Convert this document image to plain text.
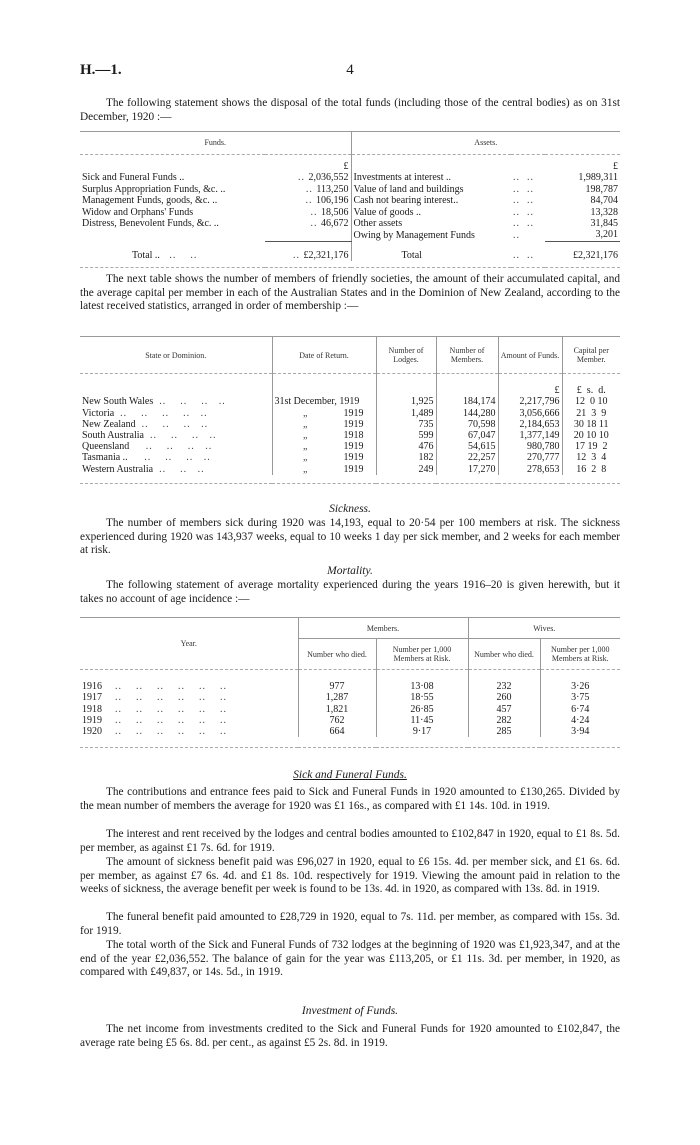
H.—1.	4

The following statement shows the disposal of the total funds (including those of the central bodies) as on 31st December, 1920 :—

Funds.		Assets.		

	£			£
Sick and Funeral Funds ..	.. 2,036,552	Investments at interest ..	..  ..	1,989,311
Surplus Appropriation Funds, &c. ..	.. 113,250	Value of land and buildings	..  ..	198,787
Management Funds, goods, &c. ..	.. 106,196	Cash not bearing interest..	..  ..	84,704
Widow and Orphans' Funds	.. 18,506	Value of goods ..	..  ..	13,328
Distress, Benevolent Funds, &c. ..	.. 46,672	Other assets	..  ..	31,845
		Owing by Management Funds	..	3,201

Total ..   ..    ..	.. £2,321,176	Total	..  ..	£2,321,176

The next table shows the number of members of friendly societies, the amount of their accumulated capital, and the average capital per member in each of the Australian States and in the Dominion of New Zealand, according to the latest received statistics, arranged in order of membership :—

State or Dominion.	Date of Return.	Number of Lodges.	Number of Members.	Amount of Funds.	Capital per Member.

				£	£  s.  d.
New South Wales  ..    ..    ..   ..	31st December, 1919	1,925	184,174	2,217,796	12  0 10
Victoria  ..    ..    ..    ..   ..	„          1919	1,489	144,280	3,056,666	21  3  9
New Zealand  ..    ..    ..   ..	„          1919	735	70,598	2,184,653	30 18 11
South Australia  ..    ..    ..   ..	„          1918	599	67,047	1,377,149	20 10 10
Queensland     ..    ..    ..   ..	„          1919	476	54,615	980,780	17 19  2
Tasmania ..     ..    ..    ..   ..	„          1919	182	22,257	270,777	12  3  4
Western Australia  ..    ..   ..	„          1919	249	17,270	278,653	16  2  8

Sickness.

The number of members sick during 1920 was 14,193, equal to 20·54 per 100 members at risk. The sickness experienced during 1920 was 143,937 weeks, equal to 10 weeks 1 day per sick member, and 2 weeks for each member at risk.

Mortality.

The following statement of average mortality experienced during the years 1916–20 is given herewith, but it takes no account of age incidence :—

Year.	Members.		Wives.	
	Number who died.	Number per 1,000 Members at Risk.	Number who died.	Number per 1,000 Members at Risk.

1916    ..    ..    ..    ..    ..    ..	977	13·08	232	3·26
1917    ..    ..    ..    ..    ..    ..	1,287	18·55	260	3·75
1918    ..    ..    ..    ..    ..    ..	1,821	26·85	457	6·74
1919    ..    ..    ..    ..    ..    ..	762	11·45	282	4·24
1920    ..    ..    ..    ..    ..    ..	664	9·17	285	3·94

Sick and Funeral Funds.

The contributions and entrance fees paid to Sick and Funeral Funds in 1920 amounted to £130,265. Divided by the mean number of members the average for 1920 was £1 16s., as compared with £1 14s. 10d. in 1919.

The interest and rent received by the lodges and central bodies amounted to £102,847 in 1920, equal to £1 8s. 5d. per member, as against £1 7s. 6d. for 1919.

The amount of sickness benefit paid was £96,027 in 1920, equal to £6 15s. 4d. per member sick, and £1 6s. 6d. per member, as against £7 6s. 4d. and £1 8s. 10d. respectively for 1919. Viewing the amount paid in relation to the weeks of sickness, the average benefit per week is found to be 13s. 4d. in 1920, as compared with 13s. 8d. in 1919.

The funeral benefit paid amounted to £28,729 in 1920, equal to 7s. 11d. per member, as compared with 15s. 3d. for 1919.

The total worth of the Sick and Funeral Funds of 732 lodges at the beginning of 1920 was £1,923,347, and at the end of the year £2,036,552. The balance of gain for the year was £113,205, or £1 11s. 3d. per member, in 1920, as compared with £49,837, or 14s. 5d., in 1919.

Investment of Funds.

The net income from investments credited to the Sick and Funeral Funds for 1920 amounted to £102,847, the average rate being £5 6s. 8d. per cent., as against £5 2s. 8d. in 1919.
